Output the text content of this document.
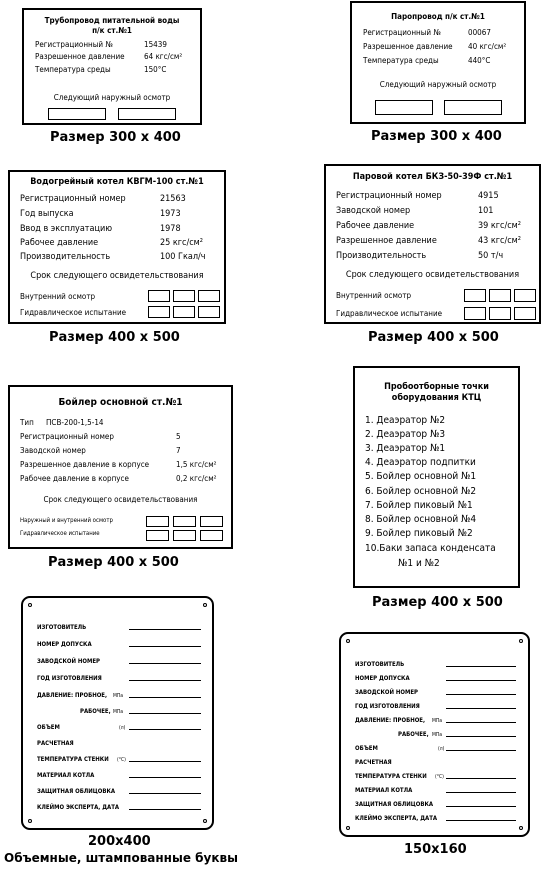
Трубопровод питательной воды
п/к ст.№1
Регистрационный №	15439
Разрешенное давление 64 кгс/см²
Температура среды	150°С
Следующий наружный осмотр
Размер 300 х 400
Паропровод п/к ст.№1
Регистрационный №	00067
Разрешенное давление 40 кгс/см²
Температура среды	440°С
Следующий наружный осмотр
Размер 300 х 400
Водогрейный котел КВГМ-100 ст.№1
Регистрационный номер	21563
Год выпуска	1973
Ввод в эксплуатацию	1978
Рабочее давление	25 кгс/см²
Производительность	100 Гкал/ч
Срок следующего освидетельствования
Внутренний осмотр
Гидравлическое испытание
Размер 400 х 500
Паровой котел БКЗ-50-39Ф ст.№1
Регистрационный номер	4915
Заводской номер	101
Рабочее давление	39 кгс/см²
Разрешенное давление	43 кгс/см²
Производительность	50 т/ч
Срок следующего освидетельствования
Внутренний осмотр
Гидравлическое испытание
Размер 400 х 500
Бойлер основной ст.№1
Тип ПСВ-200-1,5-14
Регистрационный номер	5
Заводской номер	7
Разрешенное давление в корпусе	1,5 кгс/см²
Рабочее давление в корпусе	0,2 кгс/см²
Срок следующего освидетельствования
Наружный и внутренний осмотр
Гидравлическое испытание
Размер 400 х 500
Пробоотборные точки
оборудования КТЦ
1. Деаэратор №2
2. Деаэратор №3
3. Деаэратор №1
4. Деаэратор подпитки
5. Бойлер основной №1
6. Бойлер основной №2
7. Бойлер пиковый №1
8. Бойлер основной №4
9. Бойлер пиковый №2
10.Баки запаса конденсата
№1 и №2
Размер 400 х 500
ИЗГОТОВИТЕЛЬ
НОМЕР ДОПУСКА
ЗАВОДСКОЙ НОМЕР
ГОД ИЗГОТОВЛЕНИЯ
ДАВЛЕНИЕ: ПРОБНОЕ, МПа
РАБОЧЕЕ, МПа
ОБЪЕМ	(л)
РАСЧЕТНАЯ
ТЕМПЕРАТУРА СТЕНКИ (°С)
МАТЕРИАЛ КОТЛА
ЗАЩИТНАЯ ОБЛИЦОВКА
КЛЕЙМО ЭКСПЕРТА, ДАТА
200х400
Объемные, штампованные буквы
ИЗГОТОВИТЕЛЬ
НОМЕР ДОПУСКА
ЗАВОДСКОЙ НОМЕР
ГОД ИЗГОТОВЛЕНИЯ
ДАВЛЕНИЕ: ПРОБНОЕ, МПа
РАБОЧЕЕ, МПа
ОБЪЕМ	(л)
РАСЧЕТНАЯ
ТЕМПЕРАТУРА СТЕНКИ (°С)
МАТЕРИАЛ КОТЛА
ЗАЩИТНАЯ ОБЛИЦОВКА
КЛЕЙМО ЭКСПЕРТА, ДАТА
150х160
